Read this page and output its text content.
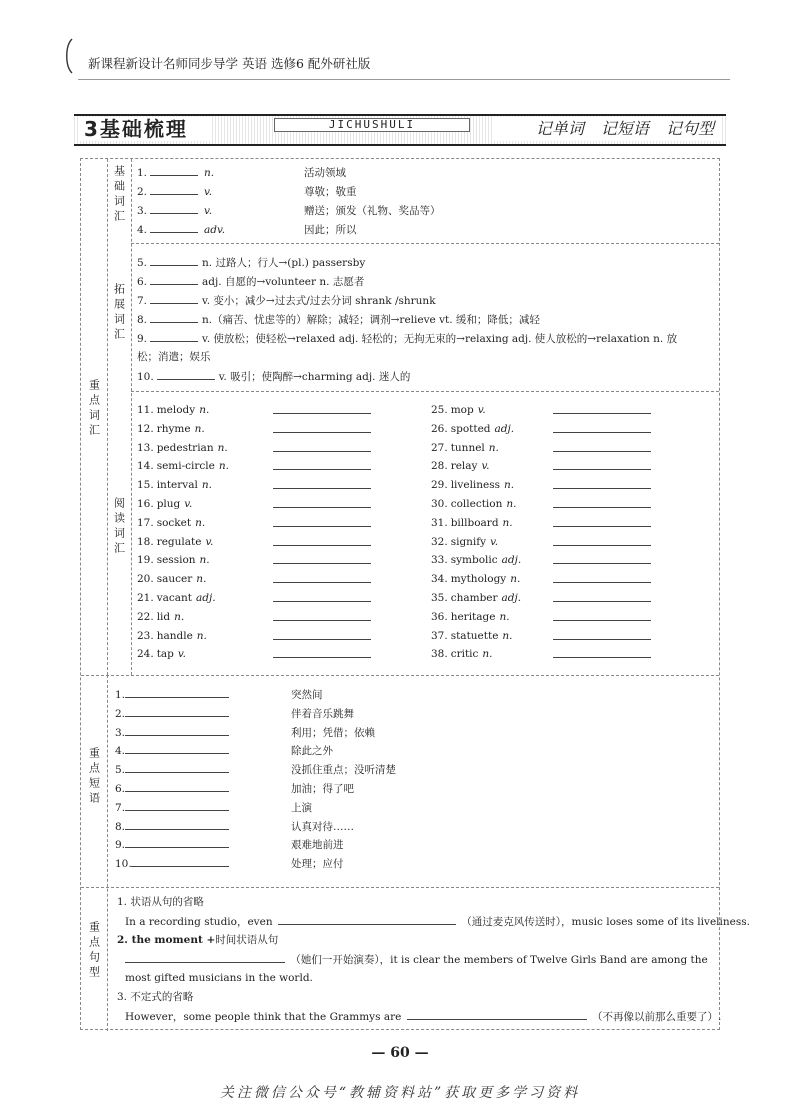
新课程新设计名师同步导学 英语 选修6 配外研社版
3基础梳理	JICHUSHULI	记单词 记短语 记句型
重点词汇
基础词汇
拓展词汇
阅读词汇
重点短语
重点句型
1.	n.	活动领域
2.	v.	尊敬；敬重
3.	v.	赠送；颁发（礼物、奖品等）
4.	adv.	因此；所以
5.	n. 过路人；行人→(pl.) passersby
6.	adj. 自愿的→volunteer n. 志愿者
7.	v. 变小；减少→过去式/过去分词 shrank /shrunk
8.	n.（痛苦、忧虑等的）解除；减轻；调剂→relieve vt. 缓和；降低；减轻
9.	v. 使放松；使轻松→relaxed adj. 轻松的；无拘无束的→relaxing adj. 使人放松的→relaxation n. 放
松；消遣；娱乐
10.	v. 吸引；使陶醉→charming adj. 迷人的
11. melody n.
12. rhyme n.
13. pedestrian n.
14. semi-circle n.
15. interval n.
16. plug v.
17. socket n.
18. regulate v.
19. session n.
20. saucer n.
21. vacant adj.
22. lid n.
23. handle n.
24. tap v.
25. mop v.
26. spotted adj.
27. tunnel n.
28. relay v.
29. liveliness n.
30. collection n.
31. billboard n.
32. signify v.
33. symbolic adj.
34. mythology n.
35. chamber adj.
36. heritage n.
37. statuette n.
38. critic n.
1.	突然间
2.	伴着音乐跳舞
3.	利用；凭借；依赖
4.	除此之外
5.	没抓住重点；没听清楚
6.	加油；得了吧
7.	上演
8.	认真对待……
9.	艰难地前进
10.	处理；应付
1. 状语从句的省略
In a recording studio，even	（通过麦克风传送时），music loses some of its liveliness.
2. the moment +时间状语从句
（她们一开始演奏），it is clear the members of Twelve Girls Band are among the
most gifted musicians in the world.
3. 不定式的省略
However，some people think that the Grammys are	（不再像以前那么重要了）.
— 60 —
关注微信公众号“教辅资料站”获取更多学习资料
